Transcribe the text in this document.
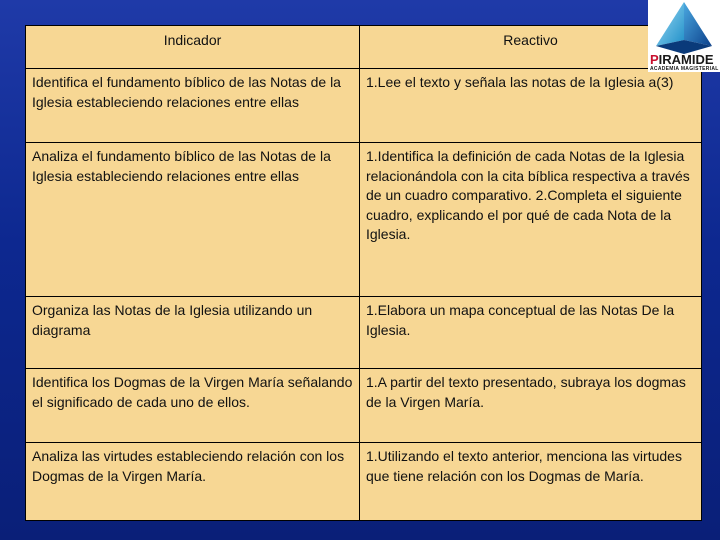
Indicador	Reactivo
Identifica el fundamento bíblico de las Notas de la Iglesia estableciendo relaciones entre ellas	1.Lee el texto y señala las notas de la Iglesia a(3)
Analiza el fundamento bíblico de las Notas de la Iglesia estableciendo relaciones entre ellas	1.Identifica la definición de cada Notas de la Iglesia relacionándola con la cita bíblica respectiva a través de un cuadro comparativo. 2.Completa el siguiente cuadro, explicando el por qué de cada Nota de la Iglesia.
Organiza las Notas de la Iglesia utilizando un diagrama	1.Elabora un mapa conceptual de las Notas De la Iglesia.
Identifica los Dogmas de la Virgen María señalando el significado de cada uno de ellos.	1.A partir del texto presentado, subraya los dogmas de la Virgen María.
Analiza las virtudes estableciendo relación con los Dogmas de la Virgen María.	1.Utilizando el texto anterior, menciona las virtudes que tiene relación con los Dogmas de María.
PIRAMIDE
ACADEMIA MAGISTERIAL
